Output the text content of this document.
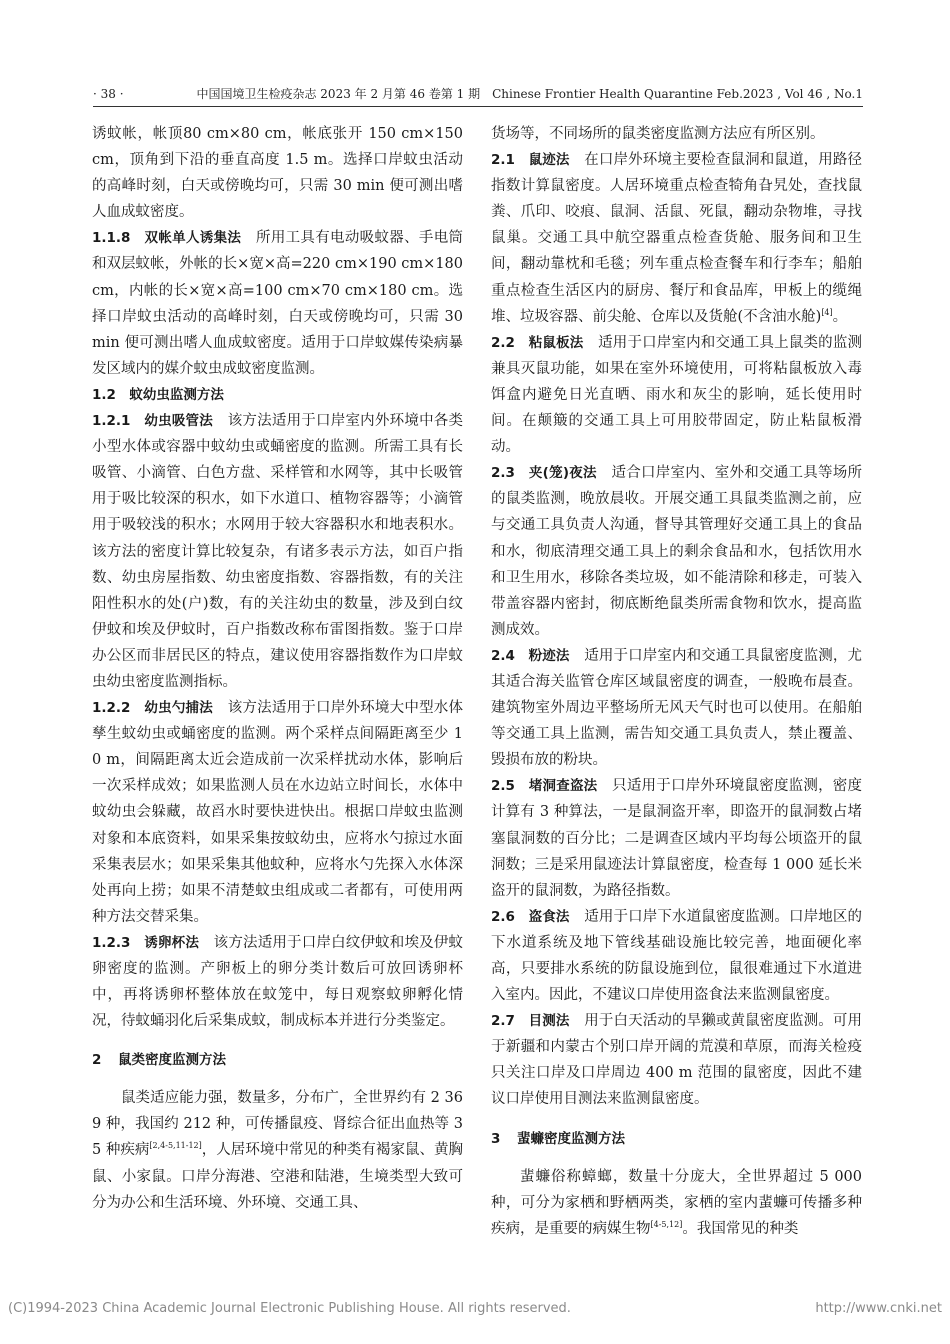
· 38 ·	中国国境卫生检疫杂志 2023 年 2 月第 46 卷第 1 期　Chinese Frontier Health Quarantine Feb.2023 , Vol 46 , No.1

诱蚊帐，帐顶80 cm×80 cm，帐底张开 150 cm×150 cm，顶角到下沿的垂直高度 1.5 m。选择口岸蚊虫活动的高峰时刻，白天或傍晚均可，只需 30 min 便可测出嗜人血成蚊密度。

1.1.8　双帐单人诱集法　所用工具有电动吸蚊器、手电筒和双层蚊帐，外帐的长×宽×高=220 cm×190 cm×180 cm，内帐的长×宽×高=100 cm×70 cm×180 cm。选择口岸蚊虫活动的高峰时刻，白天或傍晚均可，只需 30 min 便可测出嗜人血成蚊密度。适用于口岸蚊媒传染病暴发区域内的媒介蚊虫成蚊密度监测。

1.2　蚊幼虫监测方法

1.2.1　幼虫吸管法　该方法适用于口岸室内外环境中各类小型水体或容器中蚊幼虫或蛹密度的监测。所需工具有长吸管、小滴管、白色方盘、采样管和水网等，其中长吸管用于吸比较深的积水，如下水道口、植物容器等；小滴管用于吸较浅的积水；水网用于较大容器积水和地表积水。该方法的密度计算比较复杂，有诸多表示方法，如百户指数、幼虫房屋指数、幼虫密度指数、容器指数，有的关注阳性积水的处(户)数，有的关注幼虫的数量，涉及到白纹伊蚊和埃及伊蚊时，百户指数改称布雷图指数。鉴于口岸办公区而非居民区的特点，建议使用容器指数作为口岸蚊虫幼虫密度监测指标。

1.2.2　幼虫勺捕法　该方法适用于口岸外环境大中型水体孳生蚊幼虫或蛹密度的监测。两个采样点间隔距离至少 10 m，间隔距离太近会造成前一次采样扰动水体，影响后一次采样成效；如果监测人员在水边站立时间长，水体中蚊幼虫会躲藏，故舀水时要快进快出。根据口岸蚊虫监测对象和本底资料，如果采集按蚊幼虫，应将水勺掠过水面采集表层水；如果采集其他蚊种，应将水勺先探入水体深处再向上捞；如果不清楚蚊虫组成或二者都有，可使用两种方法交替采集。

1.2.3　诱卵杯法　该方法适用于口岸白纹伊蚊和埃及伊蚊卵密度的监测。产卵板上的卵分类计数后可放回诱卵杯中，再将诱卵杯整体放在蚊笼中，每日观察蚊卵孵化情况，待蚊蛹羽化后采集成蚊，制成标本并进行分类鉴定。

2 鼠类密度监测方法

鼠类适应能力强，数量多，分布广，全世界约有 2 369 种，我国约 212 种，可传播鼠疫、肾综合征出血热等 35 种疾病[2,4-5,11-12]，人居环境中常见的种类有褐家鼠、黄胸鼠、小家鼠。口岸分海港、空港和陆港，生境类型大致可分为办公和生活环境、外环境、交通工具、

货场等，不同场所的鼠类密度监测方法应有所区别。

2.1　鼠迹法　在口岸外环境主要检查鼠洞和鼠道，用路径指数计算鼠密度。人居环境重点检查犄角旮旯处，查找鼠粪、爪印、咬痕、鼠洞、活鼠、死鼠，翻动杂物堆，寻找鼠巢。交通工具中航空器重点检查货舱、服务间和卫生间，翻动靠枕和毛毯；列车重点检查餐车和行李车；船舶重点检查生活区内的厨房、餐厅和食品库，甲板上的缆绳堆、垃圾容器、前尖舱、仓库以及货舱(不含油水舱)[4]。

2.2　粘鼠板法　适用于口岸室内和交通工具上鼠类的监测兼具灭鼠功能，如果在室外环境使用，可将粘鼠板放入毒饵盒内避免日光直晒、雨水和灰尘的影响，延长使用时间。在颠簸的交通工具上可用胶带固定，防止粘鼠板滑动。

2.3　夹(笼)夜法　适合口岸室内、室外和交通工具等场所的鼠类监测，晚放晨收。开展交通工具鼠类监测之前，应与交通工具负责人沟通，督导其管理好交通工具上的食品和水，彻底清理交通工具上的剩余食品和水，包括饮用水和卫生用水，移除各类垃圾，如不能清除和移走，可装入带盖容器内密封，彻底断绝鼠类所需食物和饮水，提高监测成效。

2.4　粉迹法　适用于口岸室内和交通工具鼠密度监测，尤其适合海关监管仓库区域鼠密度的调查，一般晚布晨查。建筑物室外周边平整场所无风天气时也可以使用。在船舶等交通工具上监测，需告知交通工具负责人，禁止覆盖、毁损布放的粉块。

2.5　堵洞查盗法　只适用于口岸外环境鼠密度监测，密度计算有 3 种算法，一是鼠洞盗开率，即盗开的鼠洞数占堵塞鼠洞数的百分比；二是调查区域内平均每公顷盗开的鼠洞数；三是采用鼠迹法计算鼠密度，检查每 1 000 延长米盗开的鼠洞数，为路径指数。

2.6　盗食法　适用于口岸下水道鼠密度监测。口岸地区的下水道系统及地下管线基础设施比较完善，地面硬化率高，只要排水系统的防鼠设施到位，鼠很难通过下水道进入室内。因此，不建议口岸使用盗食法来监测鼠密度。

2.7　目测法　用于白天活动的旱獭或黄鼠密度监测。可用于新疆和内蒙古个别口岸开阔的荒漠和草原，而海关检疫只关注口岸及口岸周边 400 m 范围的鼠密度，因此不建议口岸使用目测法来监测鼠密度。

3 蜚蠊密度监测方法

蜚蠊俗称蟑螂，数量十分庞大，全世界超过 5 000 种，可分为家栖和野栖两类，家栖的室内蜚蠊可传播多种疾病，是重要的病媒生物[4-5,12]。我国常见的种类

(C)1994-2023 China Academic Journal Electronic Publishing House. All rights reserved.	http://www.cnki.net
